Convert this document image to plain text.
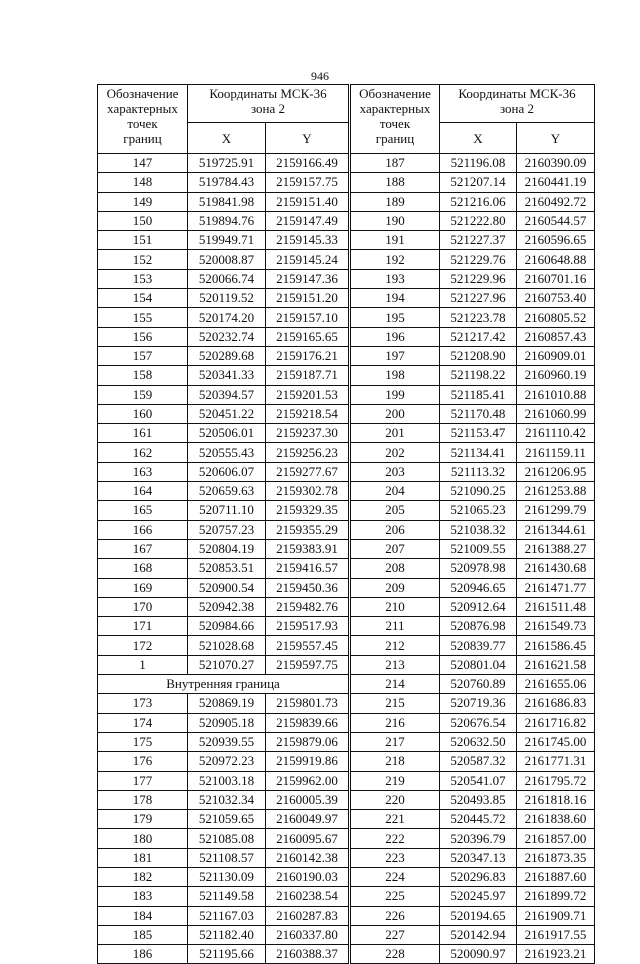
946
Обозначение
характерных
точек
границ	Координаты МСК-36
зона 2	
	X	Y
147	519725.91	2159166.49
148	519784.43	2159157.75
149	519841.98	2159151.40
150	519894.76	2159147.49
151	519949.71	2159145.33
152	520008.87	2159145.24
153	520066.74	2159147.36
154	520119.52	2159151.20
155	520174.20	2159157.10
156	520232.74	2159165.65
157	520289.68	2159176.21
158	520341.33	2159187.71
159	520394.57	2159201.53
160	520451.22	2159218.54
161	520506.01	2159237.30
162	520555.43	2159256.23
163	520606.07	2159277.67
164	520659.63	2159302.78
165	520711.10	2159329.35
166	520757.23	2159355.29
167	520804.19	2159383.91
168	520853.51	2159416.57
169	520900.54	2159450.36
170	520942.38	2159482.76
171	520984.66	2159517.93
172	521028.68	2159557.45
1	521070.27	2159597.75
Внутренняя граница		
173	520869.19	2159801.73
174	520905.18	2159839.66
175	520939.55	2159879.06
176	520972.23	2159919.86
177	521003.18	2159962.00
178	521032.34	2160005.39
179	521059.65	2160049.97
180	521085.08	2160095.67
181	521108.57	2160142.38
182	521130.09	2160190.03
183	521149.58	2160238.54
184	521167.03	2160287.83
185	521182.40	2160337.80
186	521195.66	2160388.37
Обозначение
характерных
точек
границ	Координаты МСК-36
зона 2	
	X	Y
187	521196.08	2160390.09
188	521207.14	2160441.19
189	521216.06	2160492.72
190	521222.80	2160544.57
191	521227.37	2160596.65
192	521229.76	2160648.88
193	521229.96	2160701.16
194	521227.96	2160753.40
195	521223.78	2160805.52
196	521217.42	2160857.43
197	521208.90	2160909.01
198	521198.22	2160960.19
199	521185.41	2161010.88
200	521170.48	2161060.99
201	521153.47	2161110.42
202	521134.41	2161159.11
203	521113.32	2161206.95
204	521090.25	2161253.88
205	521065.23	2161299.79
206	521038.32	2161344.61
207	521009.55	2161388.27
208	520978.98	2161430.68
209	520946.65	2161471.77
210	520912.64	2161511.48
211	520876.98	2161549.73
212	520839.77	2161586.45
213	520801.04	2161621.58
214	520760.89	2161655.06
215	520719.36	2161686.83
216	520676.54	2161716.82
217	520632.50	2161745.00
218	520587.32	2161771.31
219	520541.07	2161795.72
220	520493.85	2161818.16
221	520445.72	2161838.60
222	520396.79	2161857.00
223	520347.13	2161873.35
224	520296.83	2161887.60
225	520245.97	2161899.72
226	520194.65	2161909.71
227	520142.94	2161917.55
228	520090.97	2161923.21
